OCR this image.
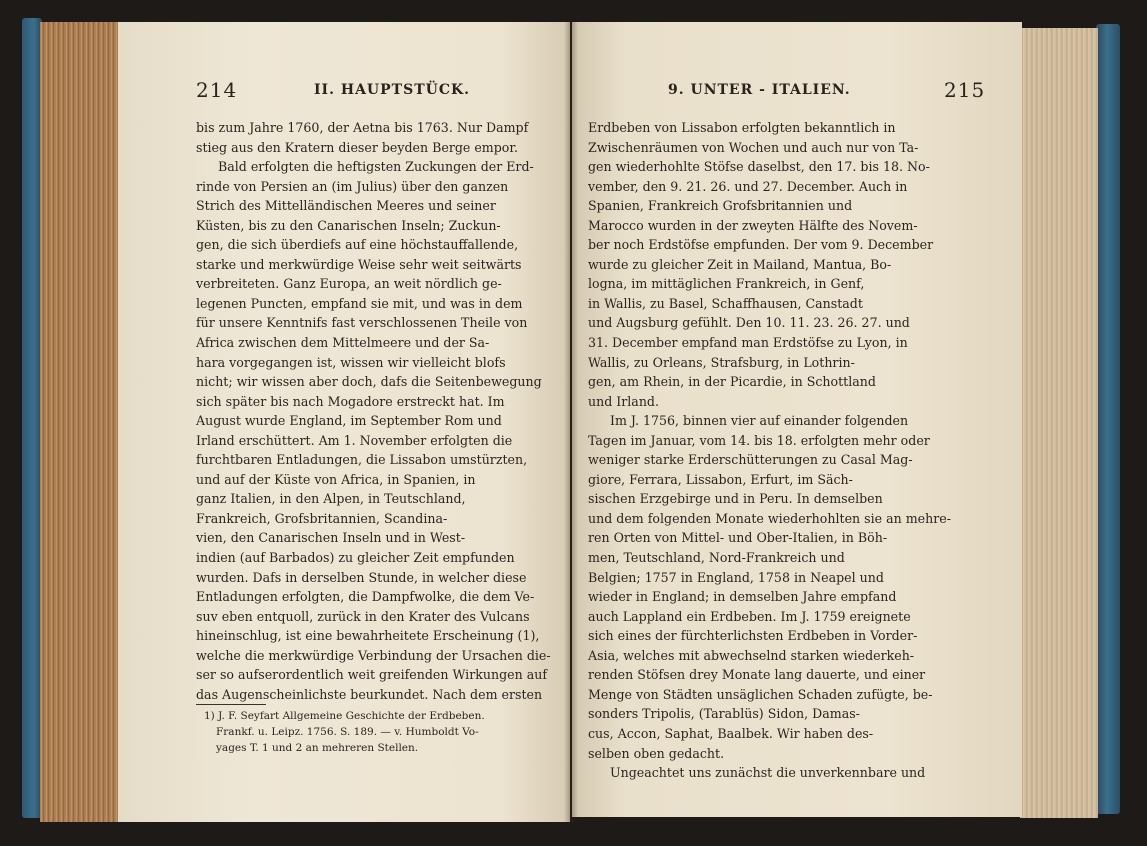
214	II. HAUPTSTÜCK.
bis zum Jahre 1760, der Aetna bis 1763. Nur Dampf
stieg aus den Kratern dieser beyden Berge empor.
Bald erfolgten die heftigsten Zuckungen der Erd-
rinde von Persien an (im Julius) über den ganzen
Strich des Mittelländischen Meeres und seiner
Küsten, bis zu den Canarischen Inseln; Zuckun-
gen, die sich überdiefs auf eine höchstauffallende,
starke und merkwürdige Weise sehr weit seitwärts
verbreiteten. Ganz Europa, an weit nördlich ge-
legenen Puncten, empfand sie mit, und was in dem
für unsere Kenntnifs fast verschlossenen Theile von
Africa zwischen dem Mittelmeere und der Sa-
hara vorgegangen ist, wissen wir vielleicht blofs
nicht; wir wissen aber doch, dafs die Seitenbewegung
sich später bis nach Mogadore erstreckt hat. Im
August wurde England, im September Rom und
Irland erschüttert. Am 1. November erfolgten die
furchtbaren Entladungen, die Lissabon umstürzten,
und auf der Küste von Africa, in Spanien, in
ganz Italien, in den Alpen, in Teutschland,
Frankreich, Grofsbritannien, Scandina-
vien, den Canarischen Inseln und in West-
indien (auf Barbados) zu gleicher Zeit empfunden
wurden. Dafs in derselben Stunde, in welcher diese
Entladungen erfolgten, die Dampfwolke, die dem Ve-
suv eben entquoll, zurück in den Krater des Vulcans
hineinschlug, ist eine bewahrheitete Erscheinung (1),
welche die merkwürdige Verbindung der Ursachen die-
ser so aufserordentlich weit greifenden Wirkungen auf
das Augenscheinlichste beurkundet. Nach dem ersten
1) J. F. Seyfart Allgemeine Geschichte der Erdbeben.
Frankf. u. Leipz. 1756. S. 189. — v. Humboldt Vo-
yages T. 1 und 2 an mehreren Stellen.
9. UNTER - ITALIEN.	215
Erdbeben von Lissabon erfolgten bekanntlich in
Zwischenräumen von Wochen und auch nur von Ta-
gen wiederhohlte Stöfse daselbst, den 17. bis 18. No-
vember, den 9. 21. 26. und 27. December. Auch in
Spanien, Frankreich Grofsbritannien und
Marocco wurden in der zweyten Hälfte des Novem-
ber noch Erdstöfse empfunden. Der vom 9. December
wurde zu gleicher Zeit in Mailand, Mantua, Bo-
logna, im mittäglichen Frankreich, in Genf,
in Wallis, zu Basel, Schaffhausen, Canstadt
und Augsburg gefühlt. Den 10. 11. 23. 26. 27. und
31. December empfand man Erdstöfse zu Lyon, in
Wallis, zu Orleans, Strafsburg, in Lothrin-
gen, am Rhein, in der Picardie, in Schottland
und Irland.
Im J. 1756, binnen vier auf einander folgenden
Tagen im Januar, vom 14. bis 18. erfolgten mehr oder
weniger starke Erderschütterungen zu Casal Mag-
giore, Ferrara, Lissabon, Erfurt, im Säch-
sischen Erzgebirge und in Peru. In demselben
und dem folgenden Monate wiederhohlten sie an mehre-
ren Orten von Mittel- und Ober-Italien, in Böh-
men, Teutschland, Nord-Frankreich und
Belgien; 1757 in England, 1758 in Neapel und
wieder in England; in demselben Jahre empfand
auch Lappland ein Erdbeben. Im J. 1759 ereignete
sich eines der fürchterlichsten Erdbeben in Vorder-
Asia, welches mit abwechselnd starken wiederkeh-
renden Stöfsen drey Monate lang dauerte, und einer
Menge von Städten unsäglichen Schaden zufügte, be-
sonders Tripolis, (Tarablüs) Sidon, Damas-
cus, Accon, Saphat, Baalbek. Wir haben des-
selben oben gedacht.
Ungeachtet uns zunächst die unverkennbare und
